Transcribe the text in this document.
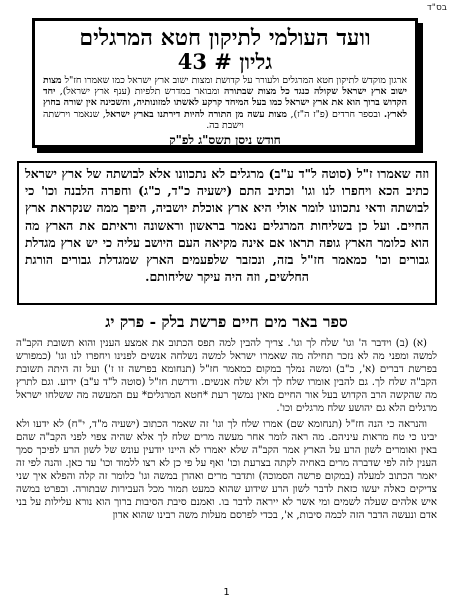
בס"ד
וועד העולמי לתיקון חטא המרגלים
גליון # 43
ארגון מוקדש לתיקון חטא המרגלים ולעורר על קדושת ומצות ישוב ארץ ישראל כמו שאמרו חז"ל מצות ישוב ארץ ישראל שקולה כנגד כל מצות שבתורה ומבואר במדרש תלפיות (ענף ארץ ישראל), יחד הקדוש ברוך הוא את ארץ ישראל כמו בעל המיחד קרקע לאשתו למזונותיה, והשכינה אין שורה בחוץ לארץ. ובספר חרדים (פ"ז ה"ז), מצות עשה מן התורה להיות דירתנו בארץ ישראל, שנאמר וירשתה וישבת בה.
חודש ניסן תשס"ג לפ"ק
וזה שאמרו ז"ל (סוטה ל"ד ע"ב) מרגלים לא נתכוונו אלא לבושתה של ארץ ישראל כתיב הכא ויחפרו לנו וגו' וכתיב התם (ישעיה כ"ד, כ"ג) וחפרה הלבנה וכו' כי לבושתה ודאי נתכוונו לומר אולי היא ארץ אוכלת יושביה, היפך ממה שנקראת ארץ החיים. ועל כן בשליחות המרגלים נאמר בראשון וראשונה וראיתם את הארץ מה הוא כלומר הארץ גופה תראו אם אינה מקיאה העם היושב עליה כי יש ארץ מגדלת גבורים וכו' כמאמר חז"ל בזה, ונכזבר שלפעמים הארץ שמגדלת גבורים הורגת החלשים, וזה היה עיקר שליחותם.
ספר באר מים חיים פרשת בלק - פרק יג

(א) (ב) וידבר ה' וגו' שלח לך וגו'. צריך להבין למה תפס הכתוב את אמצע הענין והוא תשובת הקב"ה למשה ומפני מה לא נזכר תחילה מה שאמרו ישראל למשה נשלחה אנשים לפנינו ויחפרו לנו וגו' (כמפורש בפרשת דברים (א', כ"ב) ומשה נמלך במקום כמאמר חז"ל (תנחומא בפרשה זו ז') ועל זה היתה תשובת הקב"ה שלח לך. גם להבין אומרו שלח לך ולא שלח אנשים. ודרשת חז"ל (סוטה ל"ד ע"ב) ידוע. וגם לתרץ מה שהקשה הרב הקדוש בעל אור החיים מאין נמשך רעת *חטא המרגלים* עם המעשה מה ששלחו ישראל מרגלים הלא גם יהושע שלח מרגלים וכו'.

והנראה כי הנה חז"ל (תנחומא שם) אמרו שלח לך וגו' זה שאמר הכתוב (ישעיה מ"ד, י"ח) לא ידעו ולא יבינו כי טח מראות עיניהם. מה ראה לומר אחר מעשה מרים שלח לך אלא שהיה צפוי לפני הקב"ה שהם באין ואומרים לשון הרע על הארץ אמר הקב"ה שלא יאמרו לא היינו יודעין עונש של לשון הרע לפיכך סמך הענין לזה לפי שדברה מרים באחיה לקתה בצרעת וכו' ואף על פי כן לא רצו ללמוד וכו' עד כאן. והנה לפי זה יאמר הכתוב למעלה (במקום פרשה הסמוכה) ותדבר מרים ואהרן במשה וגו' כלומר זה קלה והפלא איך שני צדיקים כאלה יעשו כזאת לדבר לשון הרע שידוע שהוא כמעט תמור מכל העבירות שבתורה. ובפרט במשה איש אלהים שעלה לשמים ומי אשר לא ייראה לדבר בו. ואמנם סיבת הסיבות ברוך הוא נורא עלילות על בני אדם ונעשה הדבר הזה לכמה סיבות, א', בכדי לפרסם מעלות משה רבינו שהוא אדון

1
